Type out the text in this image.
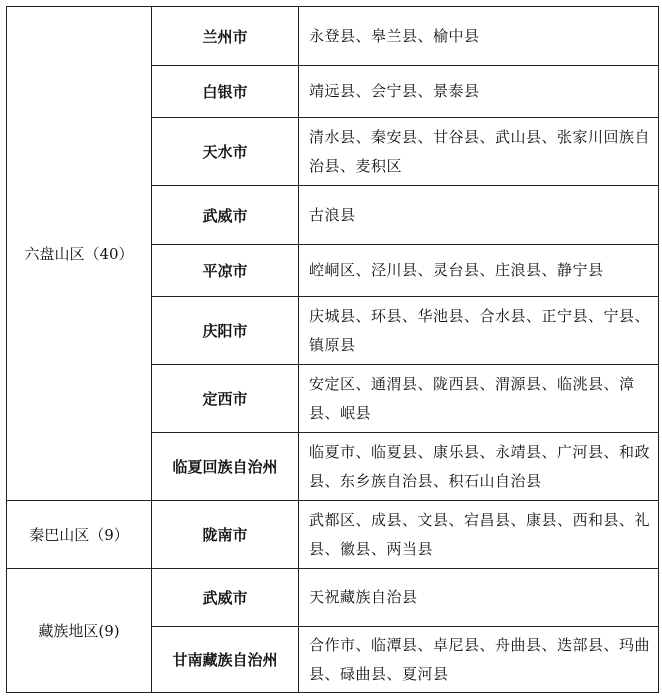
六盘山区（40）	兰州市	永登县、皋兰县、榆中县
	白银市	靖远县、会宁县、景泰县
	天水市	清水县、秦安县、甘谷县、武山县、张家川回族自治县、麦积区
	武威市	古浪县
	平凉市	崆峒区、泾川县、灵台县、庄浪县、静宁县
	庆阳市	庆城县、环县、华池县、合水县、正宁县、宁县、镇原县
	定西市	安定区、通渭县、陇西县、渭源县、临洮县、漳县、岷县
	临夏回族自治州	临夏市、临夏县、康乐县、永靖县、广河县、和政县、东乡族自治县、积石山自治县
秦巴山区（9）	陇南市	武都区、成县、文县、宕昌县、康县、西和县、礼县、徽县、两当县
藏族地区(9)	武威市	天祝藏族自治县
	甘南藏族自治州	合作市、临潭县、卓尼县、舟曲县、迭部县、玛曲县、碌曲县、夏河县
